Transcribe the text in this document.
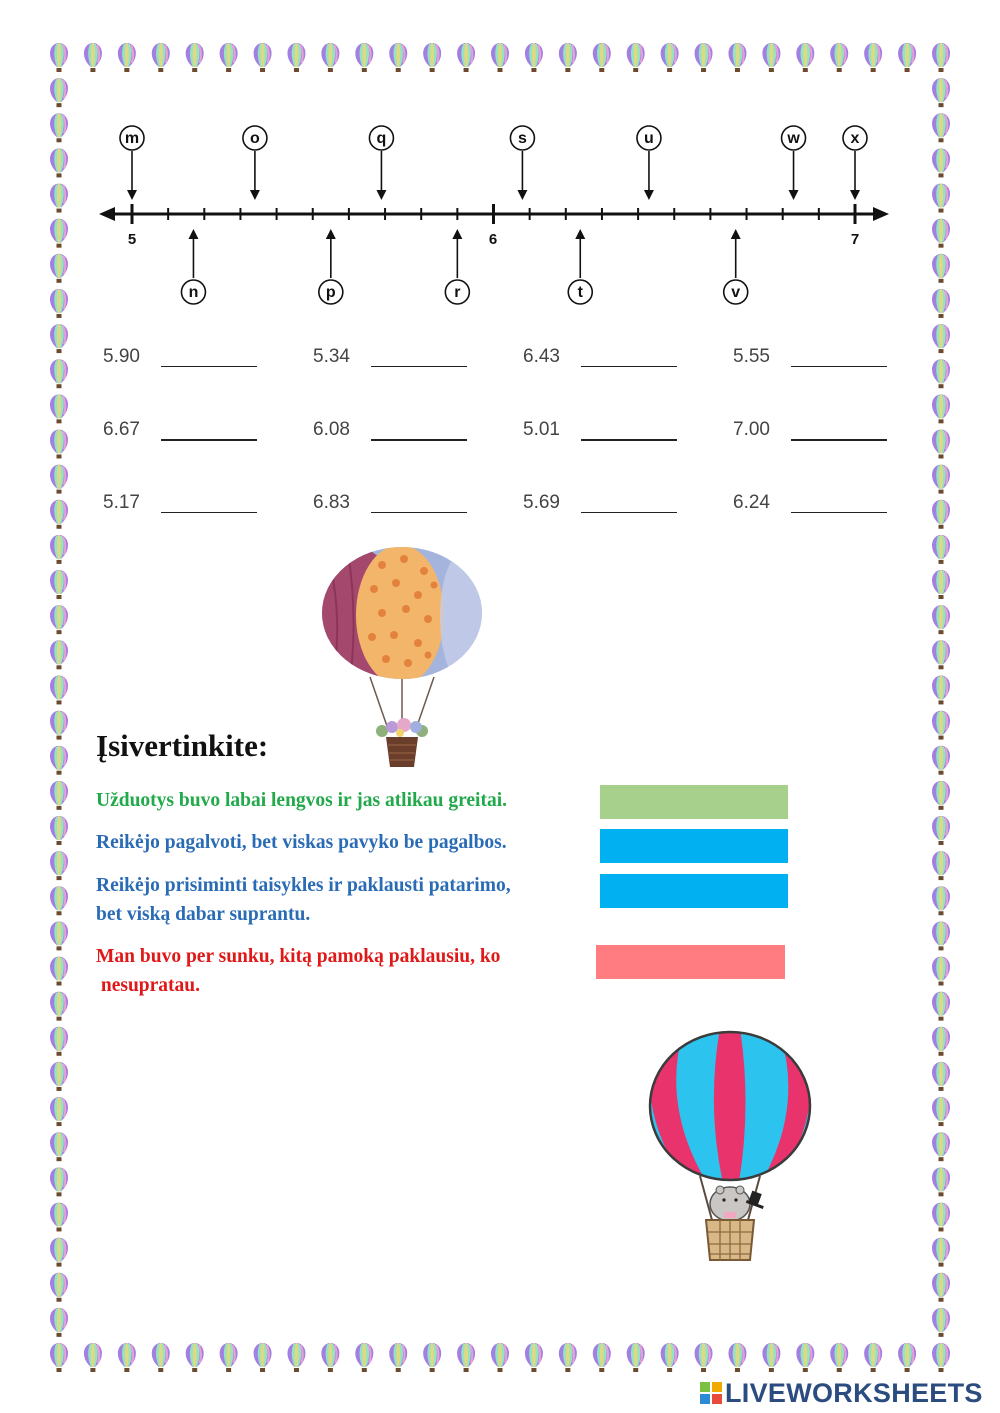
m	o	q	s	u	w	x
n	p	r	t	v
5	6	7
5.90	5.34	6.43	5.55
6.67	6.08	5.01	7.00
5.17	6.83	5.69	6.24
Įsivertinkite:
Užduotys buvo labai lengvos ir jas atlikau greitai.
Reikėjo pagalvoti, bet viskas pavyko be pagalbos.
Reikėjo prisiminti taisykles ir paklausti patarimo,
bet viską dabar suprantu.
Man buvo per sunku, kitą pamoką paklausiu, ko
nesupratau.
LIVEWORKSHEETS
